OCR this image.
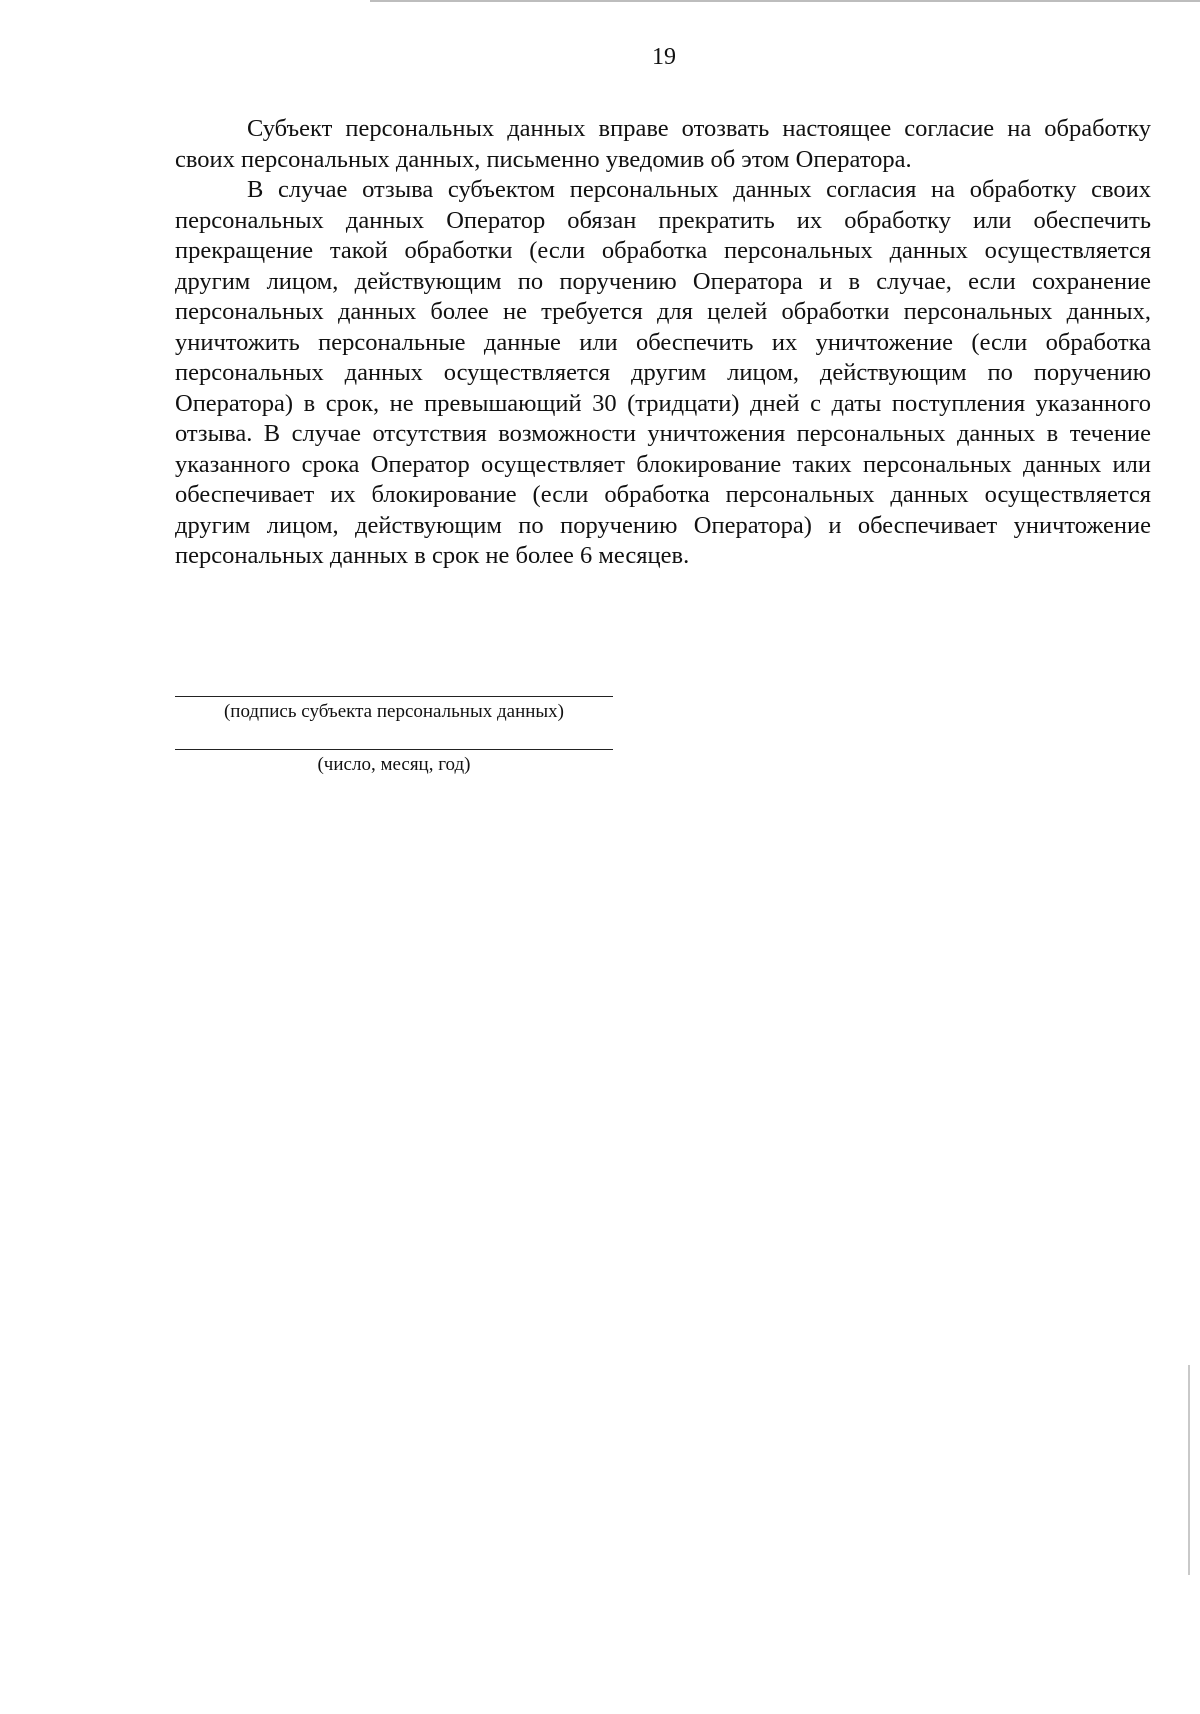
19

Субъект персональных данных вправе отозвать настоящее согласие на обработку своих персональных данных, письменно уведомив об этом Оператора.

В случае отзыва субъектом персональных данных согласия на обработку своих персональных данных Оператор обязан прекратить их обработку или обеспечить прекращение такой обработки (если обработка персональных данных осуществляется другим лицом, действующим по поручению Оператора и в случае, если сохранение персональных данных более не требуется для целей обработки персональных данных, уничтожить персональные данные или обеспечить их уничтожение (если обработка персональных данных осуществляется другим лицом, действующим по поручению Оператора) в срок, не превышающий 30 (тридцати) дней с даты поступления указанного отзыва. В случае отсутствия возможности уничтожения персональных данных в течение указанного срока Оператор осуществляет блокирование таких персональных данных или обеспечивает их блокирование (если обработка персональных данных осуществляется другим лицом, действующим по поручению Оператора) и обеспечивает уничтожение персональных данных в срок не более 6 месяцев.

(подпись субъекта персональных данных)
(число, месяц, год)
